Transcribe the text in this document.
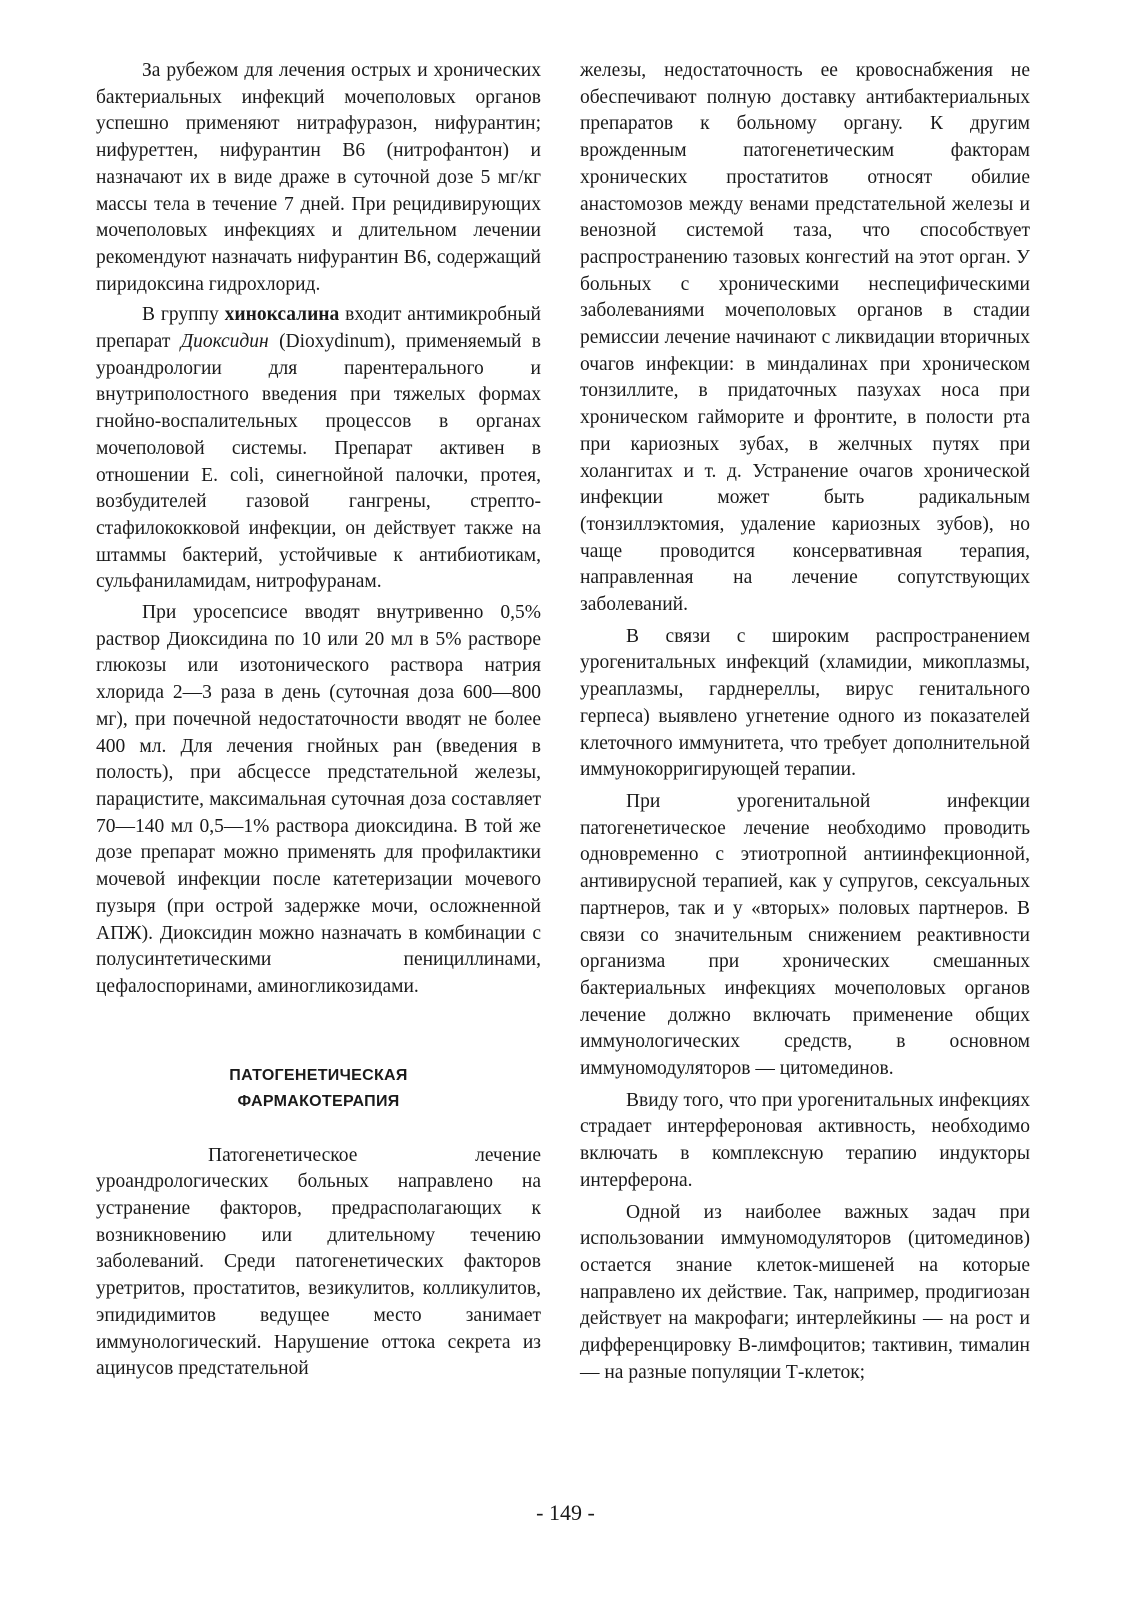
За рубежом для лечения острых и хронических бактериальных инфекций мочеполовых органов успешно применяют нитрафуразон, нифурантин; нифуреттен, нифурантин В6 (нитрофантон) и назначают их в виде драже в суточной дозе 5 мг/кг массы тела в течение 7 дней. При рецидивирующих мочеполовых инфекциях и длительном лечении рекомендуют назначать нифурантин В6, содержащий пиридоксина гидрохлорид.

В группу хиноксалина входит антимикробный препарат Диоксидин (Dioxydinum), применяемый в уроандрологии для парентерального и внутриполостного введения при тяжелых формах гнойно-воспалительных процессов в органах мочеполовой системы. Препарат активен в отношении E. coli, синегнойной палочки, протея, возбудителей газовой гангрены, стрепто-стафилококковой инфекции, он действует также на штаммы бактерий, устойчивые к антибиотикам, сульфаниламидам, нитрофуранам.

При уросепсисе вводят внутривенно 0,5% раствор Диоксидина по 10 или 20 мл в 5% растворе глюкозы или изотонического раствора натрия хлорида 2—3 раза в день (суточная доза 600—800 мг), при почечной недостаточности вводят не более 400 мл. Для лечения гнойных ран (введения в полость), при абсцессе предстательной железы, парацистите, максимальная суточная доза составляет 70—140 мл 0,5—1% раствора диоксидина. В той же дозе препарат можно применять для профилактики мочевой инфекции после катетеризации мочевого пузыря (при острой задержке мочи, осложненной АПЖ). Диоксидин можно назначать в комбинации с полусинтетическими пенициллинами, цефалоспоринами, аминогликозидами.

ПАТОГЕНЕТИЧЕСКАЯ
ФАРМАКОТЕРАПИЯ

Патогенетическое лечение уроандрологических больных направлено на устранение факторов, предрасполагающих к возникновению или длительному течению заболеваний. Среди патогенетических факторов уретритов, простатитов, везикулитов, колликулитов, эпидидимитов ведущее место занимает иммунологический. Нарушение оттока секрета из ацинусов предстательной

железы, недостаточность ее кровоснабжения не обеспечивают полную доставку антибактериальных препаратов к больному органу. К другим врожденным патогенетическим факторам хронических простатитов относят обилие анастомозов между венами предстательной железы и венозной системой таза, что способствует распространению тазовых конгестий на этот орган. У больных с хроническими неспецифическими заболеваниями мочеполовых органов в стадии ремиссии лечение начинают с ликвидации вторичных очагов инфекции: в миндалинах при хроническом тонзиллите, в придаточных пазухах носа при хроническом гайморите и фронтите, в полости рта при кариозных зубах, в желчных путях при холангитах и т. д. Устранение очагов хронической инфекции может быть радикальным (тонзиллэктомия, удаление кариозных зубов), но чаще проводится консервативная терапия, направленная на лечение сопутствующих заболеваний.

В связи с широким распространением урогенитальных инфекций (хламидии, микоплазмы, уреаплазмы, гарднереллы, вирус генитального герпеса) выявлено угнетение одного из показателей клеточного иммунитета, что требует дополнительной иммунокорригирующей терапии.

При урогенитальной инфекции патогенетическое лечение необходимо проводить одновременно с этиотропной антиинфекционной, антивирусной терапией, как у супругов, сексуальных партнеров, так и у «вторых» половых партнеров. В связи со значительным снижением реактивности организма при хронических смешанных бактериальных инфекциях мочеполовых органов лечение должно включать применение общих иммунологических средств, в основном иммуномодуляторов — цитомединов.

Ввиду того, что при урогенитальных инфекциях страдает интерфероновая активность, необходимо включать в комплексную терапию индукторы интерферона.

Одной из наиболее важных задач при использовании иммуномодуляторов (цитомединов) остается знание клеток-мишеней на которые направлено их действие. Так, например, продигиозан действует на макрофаги; интерлейкины — на рост и дифференцировку В-лимфоцитов; тактивин, тималин — на разные популяции Т-клеток;

- 149 -
